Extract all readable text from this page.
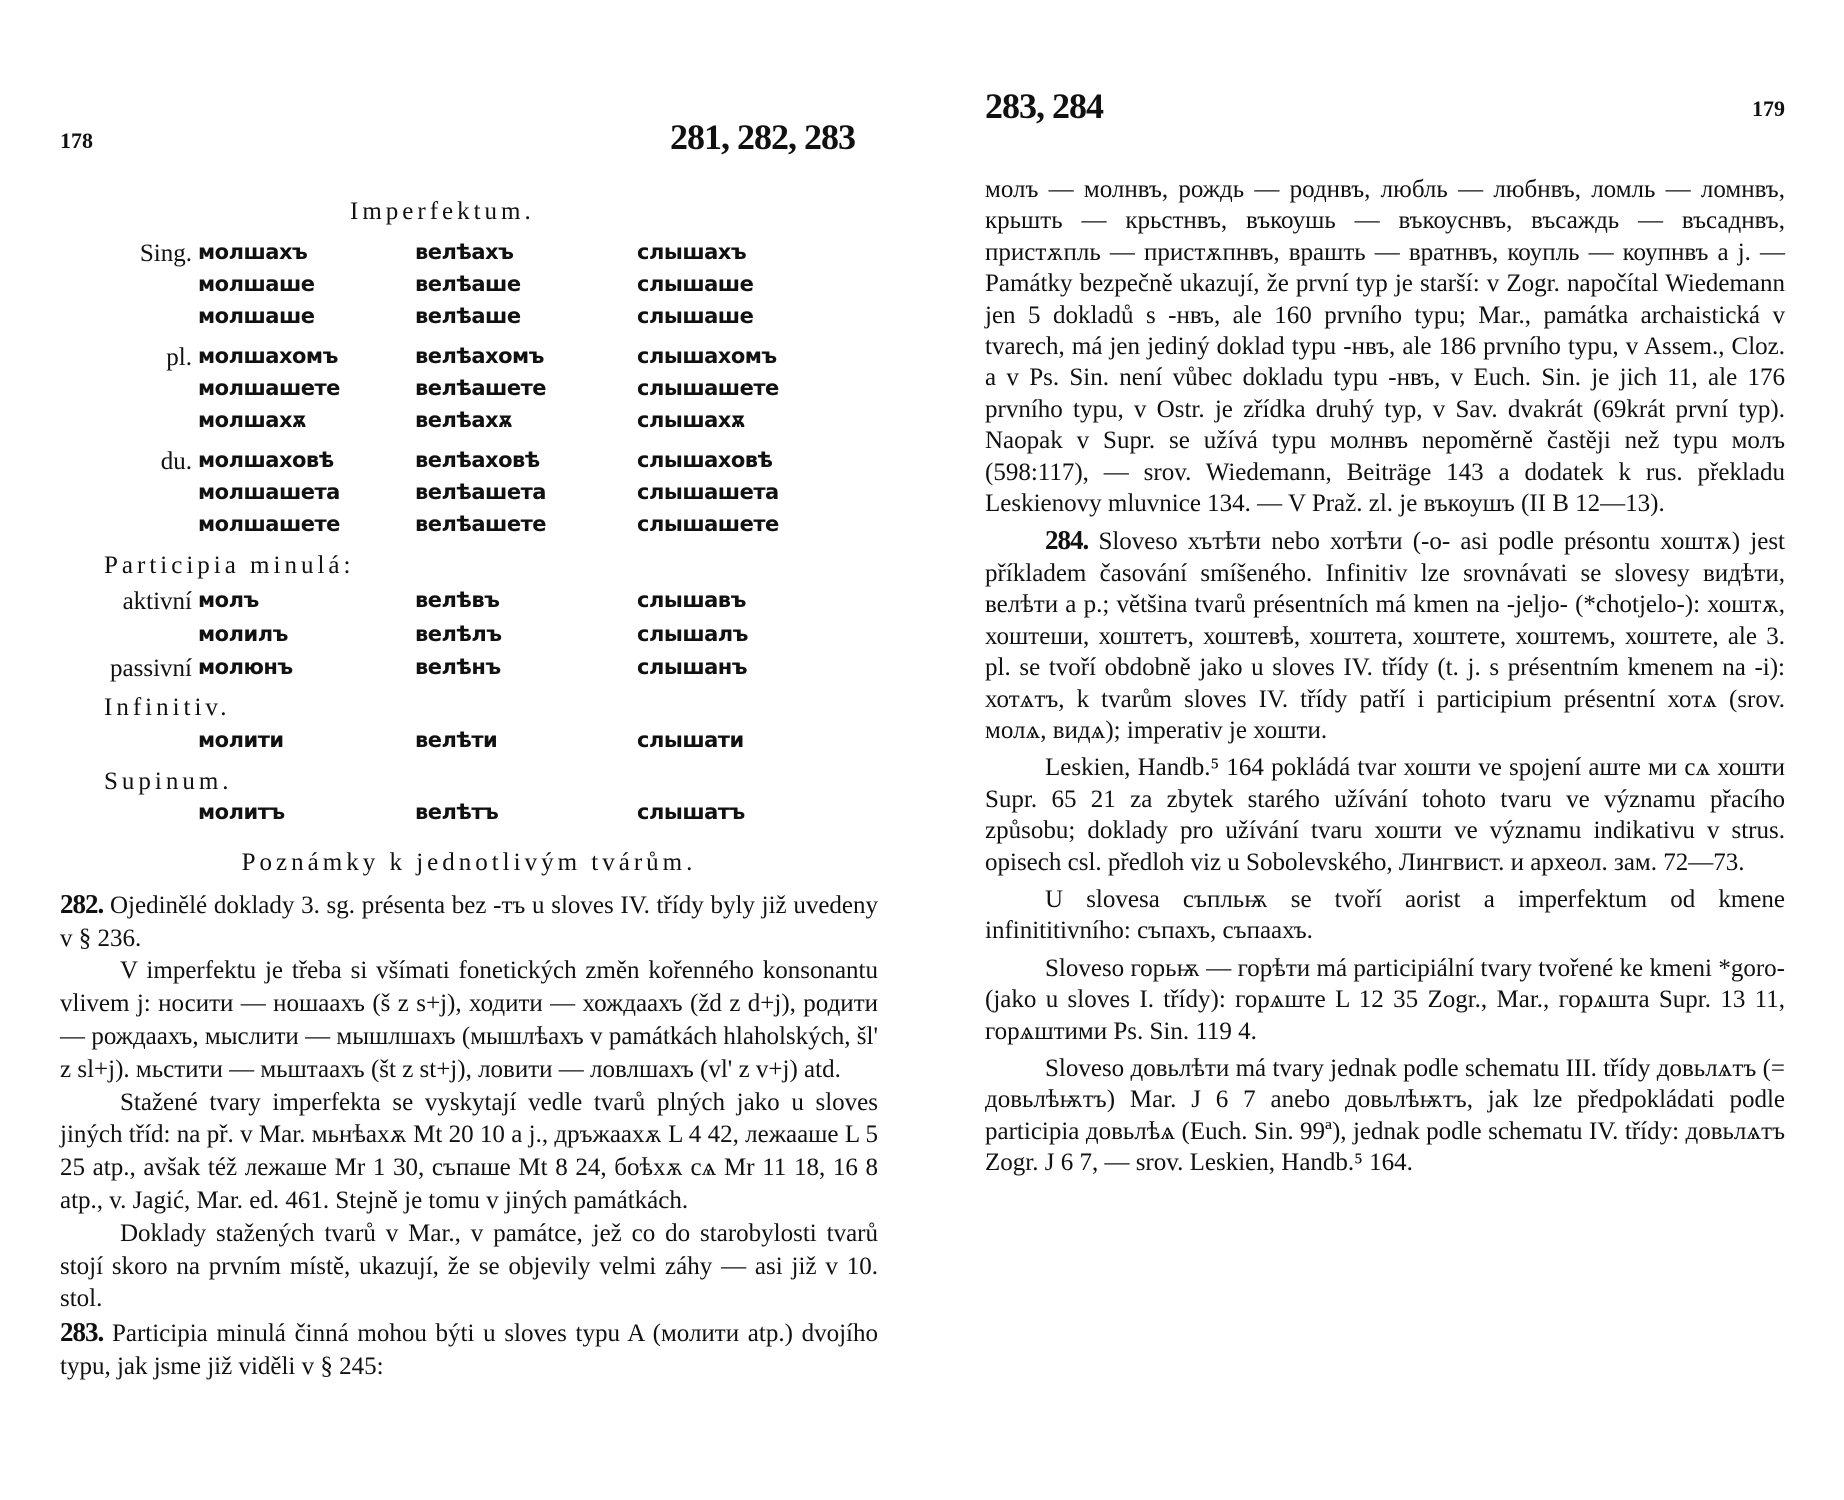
178	281, 282, 283
Imperfektum.
Sing. молшахъ	велѣахъ	слышахъ
молшаше	велѣаше	слышаше
молшаше	велѣаше	слышаше
pl. молшахомъ	велѣахомъ	слышахомъ
молшашете	велѣашете	слышашете
молшахѫ	велѣахѫ	слышахѫ
du. молшаховѣ	велѣаховѣ	слышаховѣ
молшашета	велѣашета	слышашета
молшашете	велѣашете	слышашете
Participia minulá:
aktivní молъ	велѣвъ	слышавъ
молилъ	велѣлъ	слышалъ
passivní молюнъ	велѣнъ	слышанъ
Infinitiv.
молити	велѣти	слышати
Supinum.
молитъ	велѣтъ	слышатъ

Poznámky k jednotlivým tvárům.

282. Ojedinělé doklady 3. sg. présenta bez -тъ u sloves IV. třídy byly již uvedeny v § 236.

V imperfektu je třeba si všímati fonetických změn kořenného konsonantu vlivem j: носити — ношаахъ (š z s+j), ходити — хождаахъ (žd z d+j), родити — рождаахъ, мыслити — мышлшахъ (мышлѣахъ v památkách hlaholských, šl' z sl+j). мьстити — мьштаахъ (št z st+j), ловити — ловлшахъ (vl' z v+j) atd.

Stažené tvary imperfekta se vyskytají vedle tvarů plných jako u sloves jiných tříd: na př. v Mar. мьнѣахѫ Mt 20 10 a j., дръжаахѫ L 4 42, лежааше L 5 25 atp., avšak též лежаше Mr 1 30, съпаше Mt 8 24, боѣхѫ сѧ Mr 11 18, 16 8 atp., v. Jagić, Mar. ed. 461. Stejně je tomu v jiných památkách.

Doklady stažených tvarů v Mar., v památce, jež co do starobylosti tvarů stojí skoro na prvním místě, ukazují, že se objevily velmi záhy — asi již v 10. stol.

283. Participia minulá činná mohou býti u sloves typu A (молити atp.) dvojího typu, jak jsme již viděli v § 245:

283, 284	179

молъ — молнвъ, рождь — роднвъ, любль — любнвъ, ломль — ломнвъ, крьшть — крьстнвъ, въкоушь — въкоуснвъ, въсаждь — въсаднвъ, пристѫпль — пристѫпнвъ, врашть — вратнвъ, коупль — коупнвъ a j. — Památky bezpečně ukazují, že první typ je starší: v Zogr. napočítal Wiedemann jen 5 dokladů s -нвъ, ale 160 prvního typu; Mar., památka archaistická v tvarech, má jen jediný doklad typu -нвъ, ale 186 prvního typu, v Assem., Cloz. a v Ps. Sin. není vůbec dokladu typu -нвъ, v Euch. Sin. je jich 11, ale 176 prvního typu, v Ostr. je zřídka druhý typ, v Sav. dvakrát (69krát první typ). Naopak v Supr. se užívá typu молнвъ nepoměrně častěji než typu молъ (598:117), — srov. Wiedemann, Beiträge 143 a dodatek k rus. překladu Leskienovy mluvnice 134. — V Praž. zl. je въкоушъ (II B 12—13).

284. Sloveso хътѣти nebo хотѣти (-o- asi podle présontu хоштѫ) jest příkladem časování smíšeného. Infinitiv lze srovnávati se slovesy видѣти, велѣти a p.; většina tvarů présentních má kmen na -jeljo- (*chotjelo-): хоштѫ, хоштеши, хоштетъ, хоштевѣ, хоштета, хоштете, хоштемъ, хоштете, ale 3. pl. se tvoří obdobně jako u sloves IV. třídy (t. j. s présentním kmenem na -i): хотѧтъ, k tvarům sloves IV. třídy patří i participium présentní хотѧ (srov. молѧ, видѧ); imperativ je хошти.

Leskien, Handb.⁵ 164 pokládá tvar хошти ve spojení аште ми сѧ хошти Supr. 65 21 za zbytek starého užívání tohoto tvaru ve významu přacího způsobu; doklady pro užívání tvaru хошти ve významu indikativu v strus. opisech csl. předloh viz u Sobolevského, Лингвист. и археол. зам. 72—73.

U slovesa съпльѭ se tvoří aorist a imperfektum od kmene infinititivního: съпахъ, съпаахъ.

Sloveso горьѭ — горѣти má participiální tvary tvořené ke kmeni *goro- (jako u sloves I. třídy): горѧште L 12 35 Zogr., Mar., горѧшта Supr. 13 11, горѧштими Ps. Sin. 119 4.

Sloveso довьлѣти má tvary jednak podle schematu III. třídy довьлѧтъ (= довьлѣѭтъ) Mar. J 6 7 anebo довьлѣѭтъ, jak lze předpokládati podle participia довьлѣѧ (Euch. Sin. 99ª), jednak podle schematu IV. třídy: довьлѧтъ Zogr. J 6 7, — srov. Leskien, Handb.⁵ 164.
